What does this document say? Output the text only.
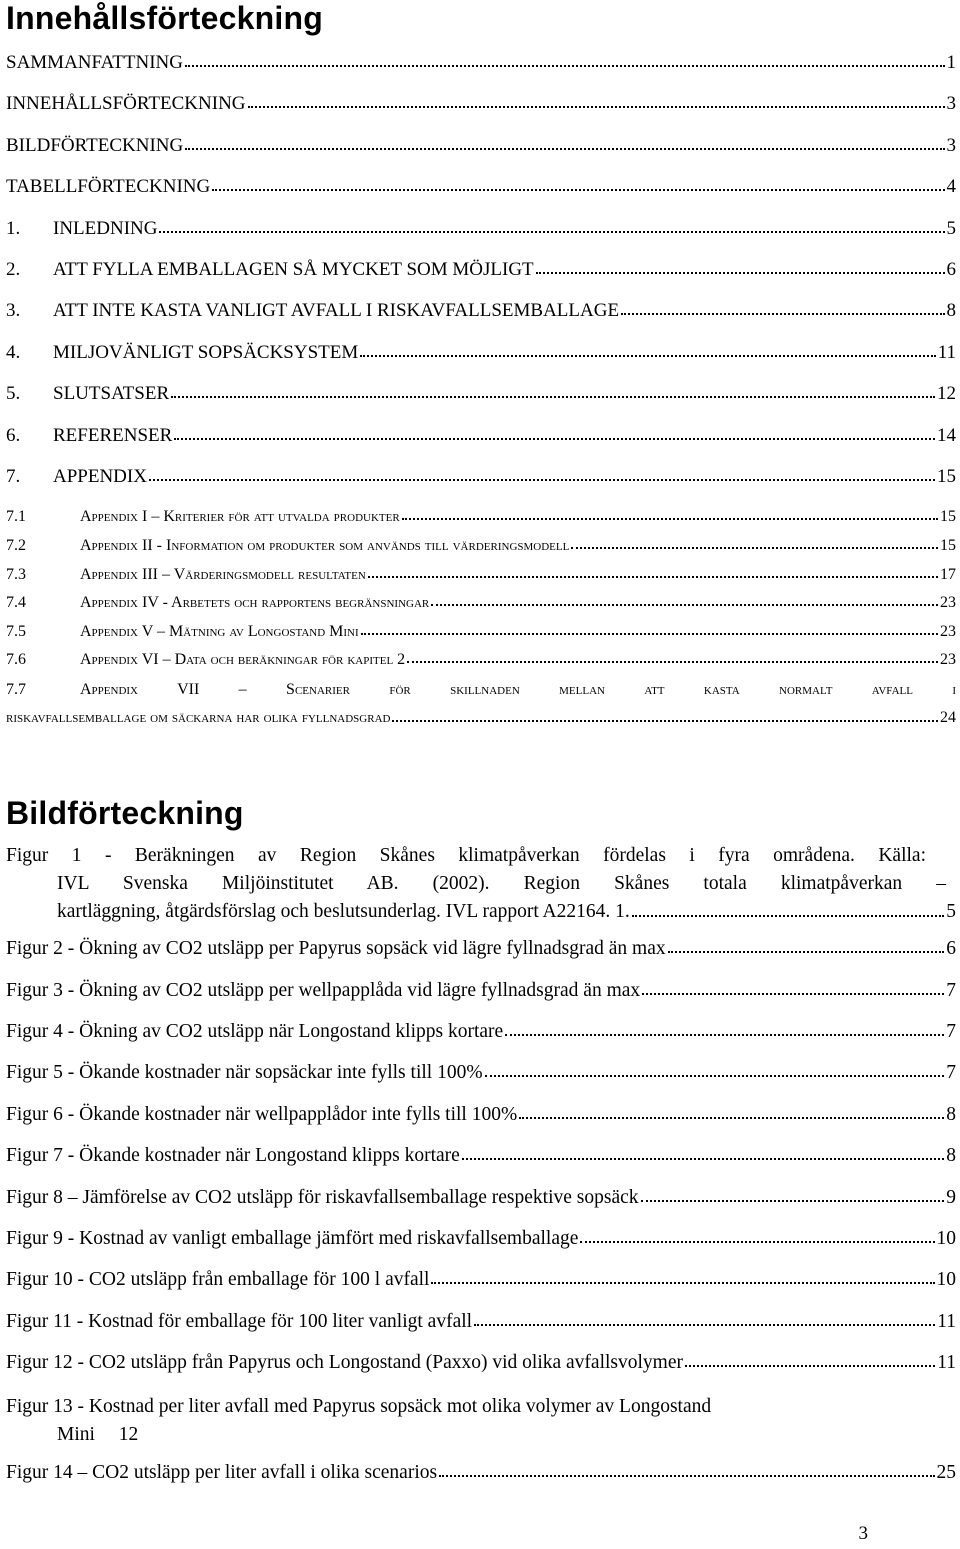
Innehållsförteckning
SAMMANFATTNING	1
INNEHÅLLSFÖRTECKNING	3
BILDFÖRTECKNING	3
TABELLFÖRTECKNING	4
1.	INLEDNING	5
2.	ATT FYLLA EMBALLAGEN SÅ MYCKET SOM MÖJLIGT	6
3.	ATT INTE KASTA VANLIGT AVFALL I RISKAVFALLSEMBALLAGE	8
4.	MILJOVÄNLIGT SOPSÄCKSYSTEM	11
5.	SLUTSATSER	12
6.	REFERENSER	14
7.	APPENDIX	15
7.1	Appendix I – Kriterier för att utvalda produkter	15
7.2	Appendix II - Information om produkter som används till värderingsmodell	15
7.3	Appendix III – Värderingsmodell resultaten	17
7.4	Appendix IV - Arbetets och rapportens begränsningar	23
7.5	Appendix V – Mätning av Longostand Mini	23
7.6	Appendix VI – Data och beräkningar för kapitel 2	23
7.7	Appendix VII – Scenarier för skillnaden mellan att kasta normalt avfall i
riskavfallsemballage om säckarna har olika fyllnadsgrad	24
Bildförteckning
Figur 1 - Beräkningen av Region Skånes klimatpåverkan fördelas i fyra områdena. Källa:
IVL Svenska Miljöinstitutet AB. (2002). Region Skånes totala klimatpåverkan –
kartläggning, åtgärdsförslag och beslutsunderlag. IVL rapport A22164. 1.	5
Figur 2 - Ökning av CO2 utsläpp per Papyrus sopsäck vid lägre fyllnadsgrad än max	6
Figur 3 - Ökning av CO2 utsläpp per wellpapplåda vid lägre fyllnadsgrad än max	7
Figur 4 - Ökning av CO2 utsläpp när Longostand klipps kortare	7
Figur 5 - Ökande kostnader när sopsäckar inte fylls till 100%	7
Figur 6 - Ökande kostnader när wellpapplådor inte fylls till 100%	8
Figur 7 - Ökande kostnader när Longostand klipps kortare	8
Figur 8 – Jämförelse av CO2 utsläpp för riskavfallsemballage respektive sopsäck	9
Figur 9 - Kostnad av vanligt emballage jämfört med riskavfallsemballage	10
Figur 10 - CO2 utsläpp från emballage för 100 l avfall	10
Figur 11 - Kostnad för emballage för 100 liter vanligt avfall	11
Figur 12 - CO2 utsläpp från Papyrus och Longostand (Paxxo) vid olika avfallsvolymer	11
Figur 13 - Kostnad per liter avfall med Papyrus sopsäck mot olika volymer av Longostand
Mini 12
Figur 14 – CO2 utsläpp per liter avfall i olika scenarios	25
3
